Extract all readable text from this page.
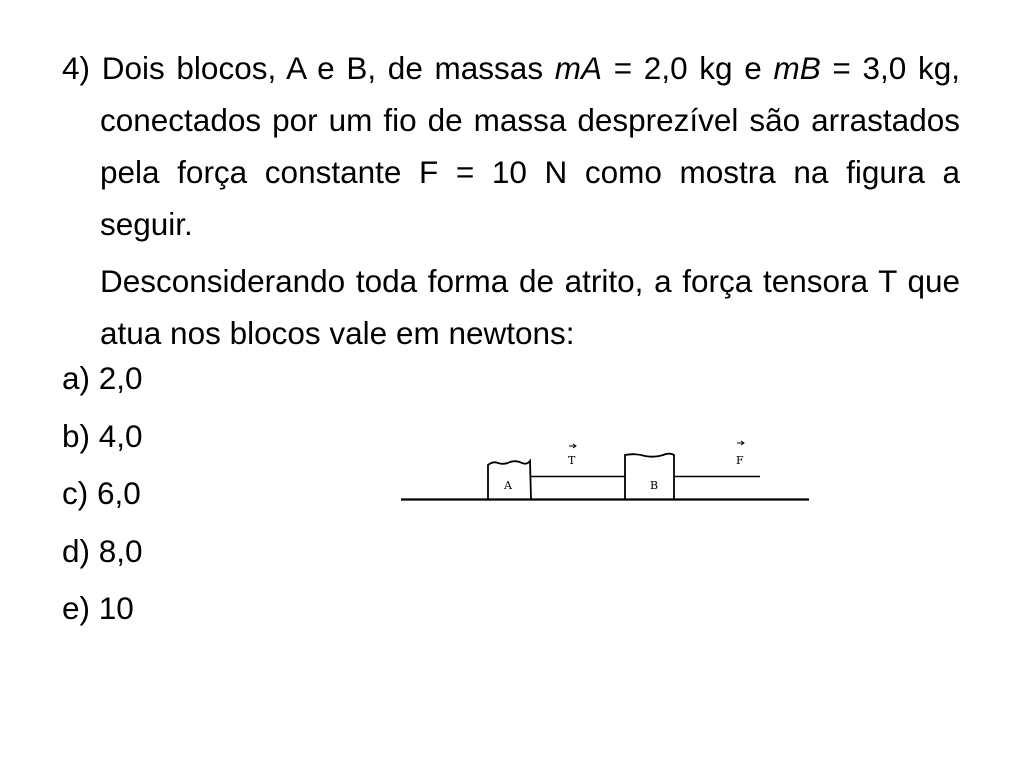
4) Dois blocos, A e B, de massas mA = 2,0 kg e mB = 3,0 kg, conectados por um fio de massa desprezível são arrastados pela força constante F = 10 N como mostra na figura a seguir.

Desconsiderando toda forma de atrito, a força tensora T que atua nos blocos vale em newtons:

a) 2,0
b) 4,0
c) 6,0
d) 8,0
e) 10
A	B
T	F
